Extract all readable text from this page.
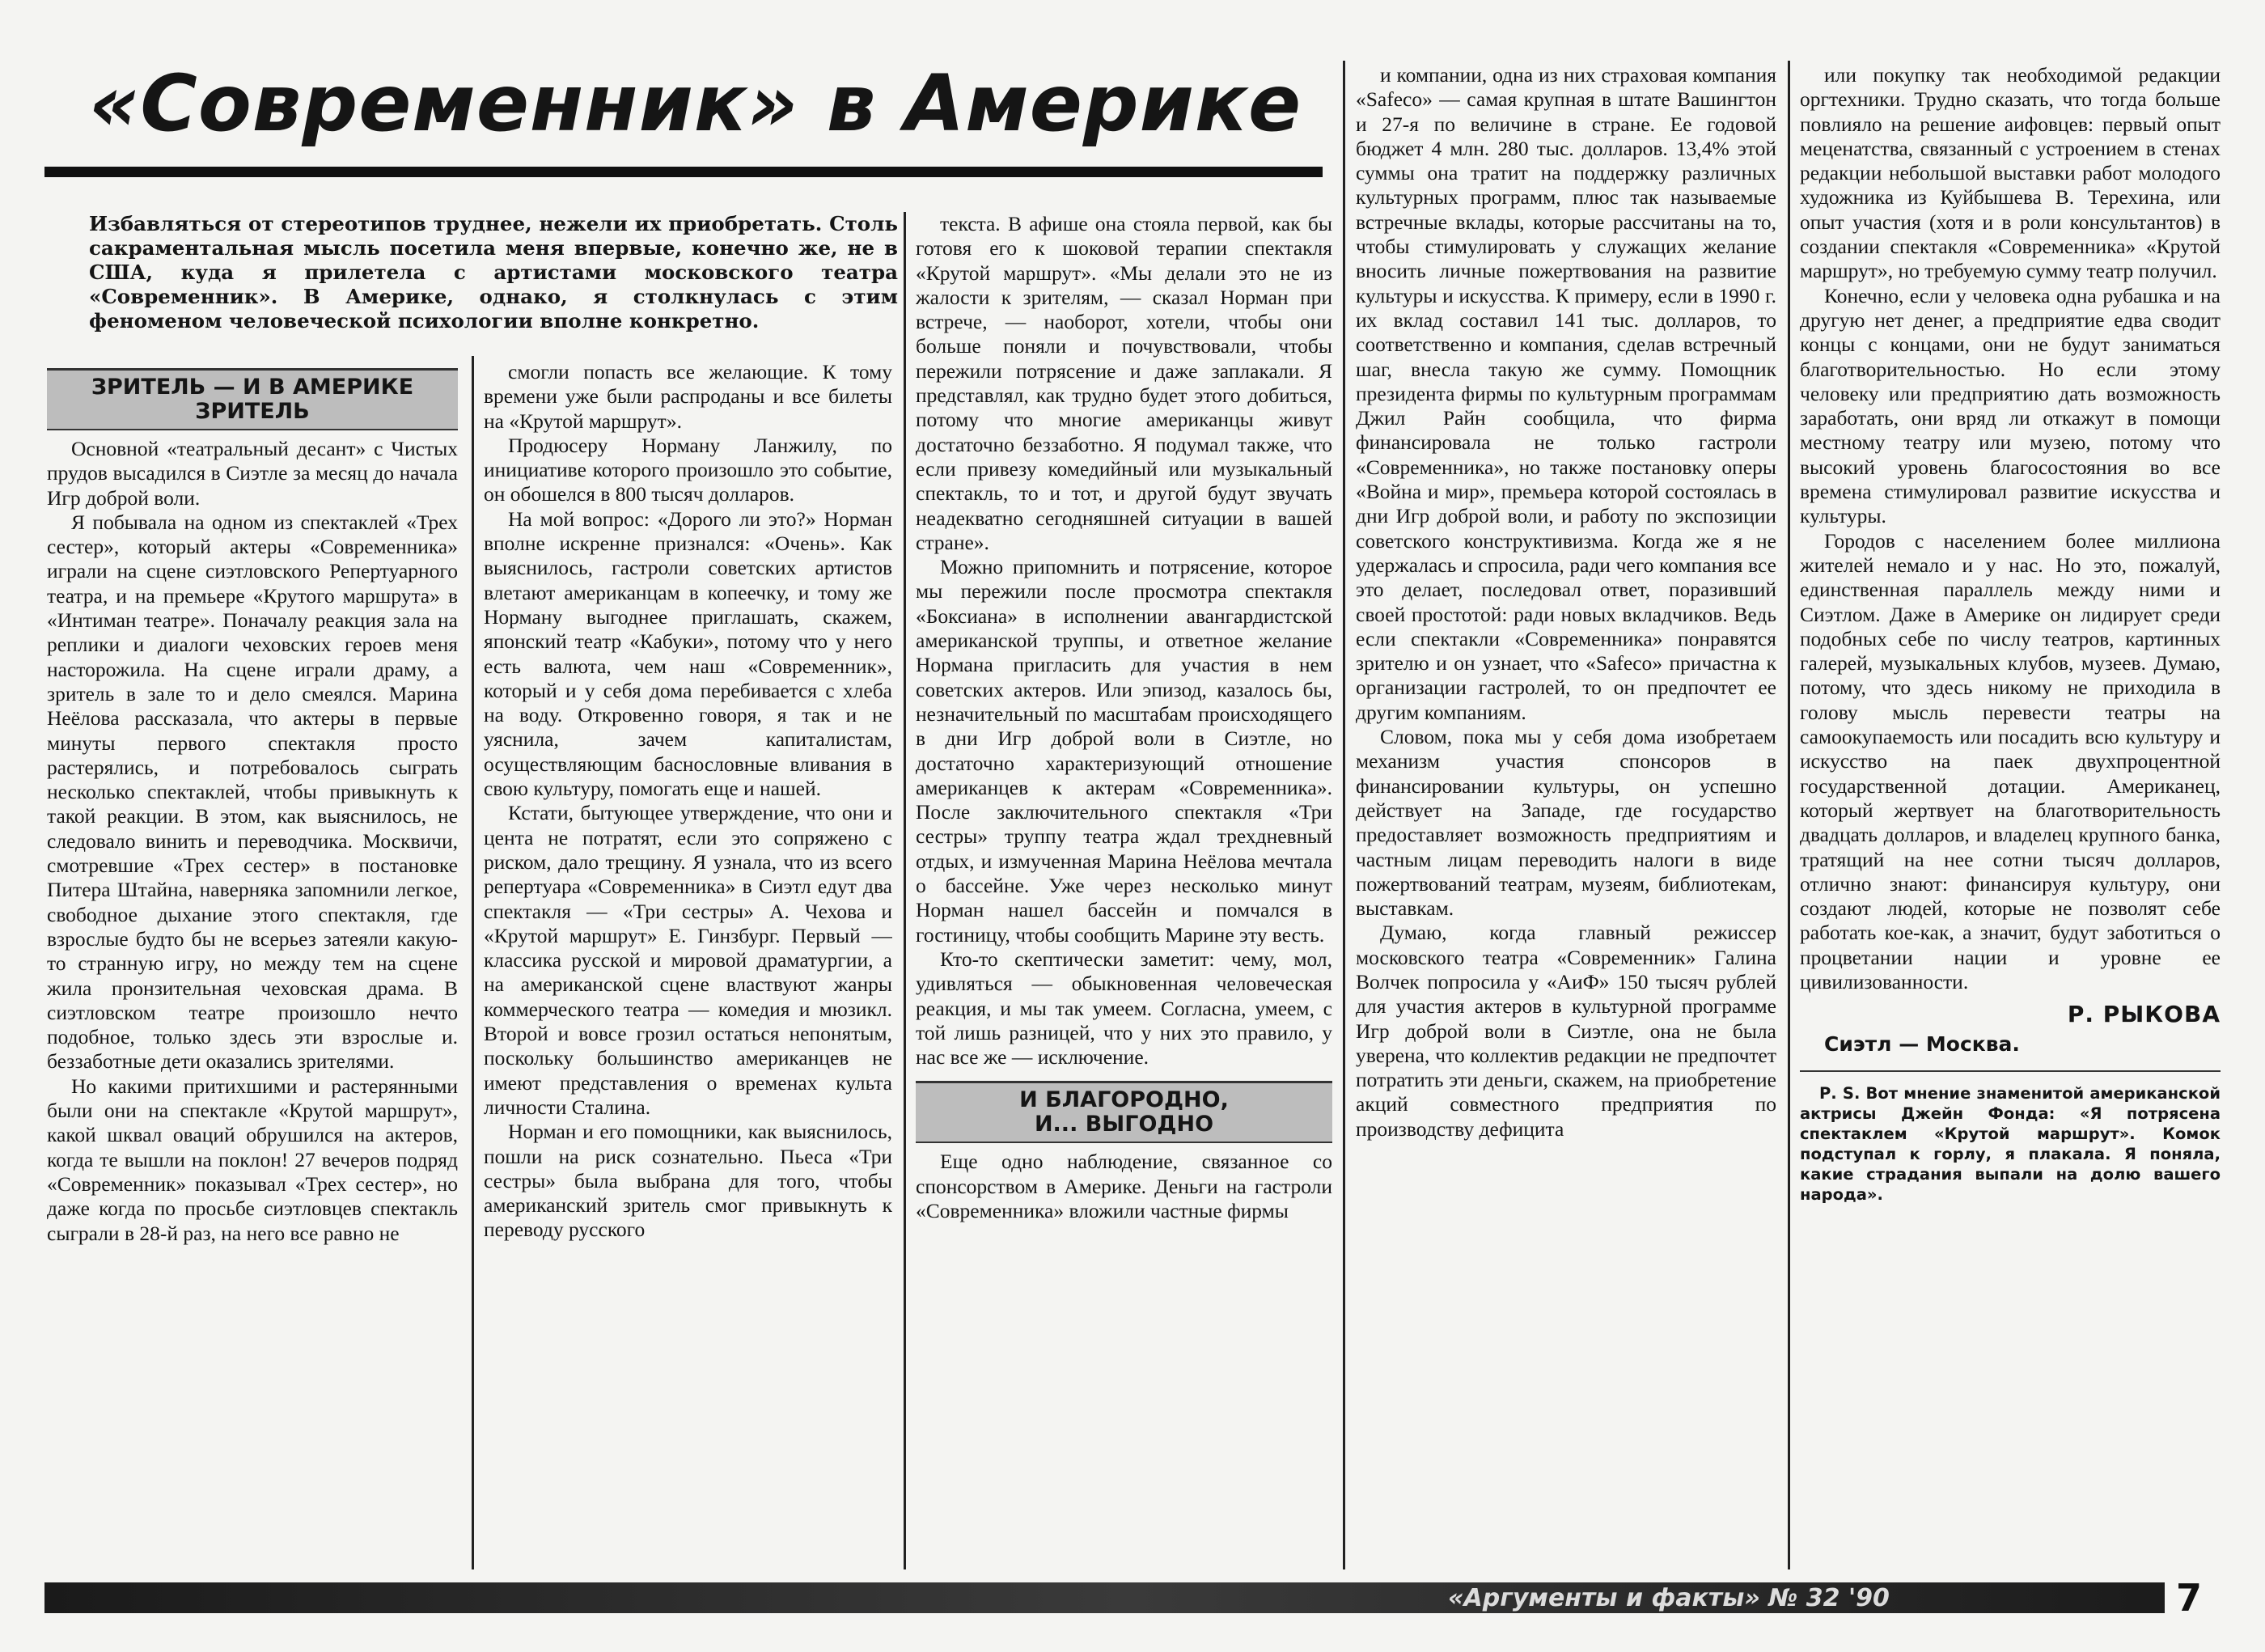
«Современник» в Америке
Избавляться от стереотипов труднее, нежели их приобретать. Столь сакраментальная мысль посетила меня впервые, конечно же, не в США, куда я прилетела с артистами московского театра «Современник». В Америке, однако, я столкнулась с этим феноменом человеческой психологии вполне конкретно.
ЗРИТЕЛЬ — И В АМЕРИКЕ
ЗРИТЕЛЬ

Основной «театральный десант» с Чистых прудов высадился в Сиэтле за месяц до начала Игр доброй воли.

Я побывала на одном из спектаклей «Трех сестер», который актеры «Современника» играли на сцене сиэтловского Репертуарного театра, и на премьере «Крутого маршрута» в «Интиман театре». Поначалу реакция зала на реплики и диалоги чеховских героев меня насторожила. На сцене играли драму, а зритель в зале то и дело смеялся. Марина Неёлова рассказала, что актеры в первые минуты первого спектакля просто растерялись, и потребовалось сыграть несколько спектаклей, чтобы привыкнуть к такой реакции. В этом, как выяснилось, не следовало винить и переводчика. Москвичи, смотревшие «Трех сестер» в постановке Питера Штайна, наверняка запомнили легкое, свободное дыхание этого спектакля, где взрослые будто бы не всерьез затеяли какую-то странную игру, но между тем на сцене жила пронзительная чеховская драма. В сиэтловском театре произошло нечто подобное, только здесь эти взрослые и. беззаботные дети оказались зрителями.

Но какими притихшими и растерянными были они на спектакле «Крутой маршрут», какой шквал оваций обрушился на актеров, когда те вышли на поклон! 27 вечеров подряд «Современник» показывал «Трех сестер», но даже когда по просьбе сиэтловцев спектакль сыграли в 28-й раз, на него все равно не

смогли попасть все желающие. К тому времени уже были распроданы и все билеты на «Крутой маршрут».

Продюсеру Норману Ланжилу, по инициативе которого произошло это событие, он обошелся в 800 тысяч долларов.

На мой вопрос: «Дорого ли это?» Норман вполне искренне признался: «Очень». Как выяснилось, гастроли советских артистов влетают американцам в копеечку, и тому же Норману выгоднее приглашать, скажем, японский театр «Кабуки», потому что у него есть валюта, чем наш «Современник», который и у себя дома перебивается с хлеба на воду. Откровенно говоря, я так и не уяснила, зачем капиталистам, осуществляющим баснословные вливания в свою культуру, помогать еще и нашей.

Кстати, бытующее утверждение, что они и цента не потратят, если это сопряжено с риском, дало трещину. Я узнала, что из всего репертуара «Современника» в Сиэтл едут два спектакля — «Три сестры» А. Чехова и «Крутой маршрут» Е. Гинзбург. Первый — классика русской и мировой драматургии, а на американской сцене властвуют жанры коммерческого театра — комедия и мюзикл. Второй и вовсе грозил остаться непонятым, поскольку большинство американцев не имеют представления о временах культа личности Сталина.

Норман и его помощники, как выяснилось, пошли на риск сознательно. Пьеса «Три сестры» была выбрана для того, чтобы американский зритель смог привыкнуть к переводу русского

текста. В афише она стояла первой, как бы готовя его к шоковой терапии спектакля «Крутой маршрут». «Мы делали это не из жалости к зрителям, — сказал Норман при встрече, — наоборот, хотели, чтобы они больше поняли и почувствовали, чтобы пережили потрясение и даже заплакали. Я представлял, как трудно будет этого добиться, потому что многие американцы живут достаточно беззаботно. Я подумал также, что если привезу комедийный или музыкальный спектакль, то и тот, и другой будут звучать неадекватно сегодняшней ситуации в вашей стране».

Можно припомнить и потрясение, которое мы пережили после просмотра спектакля «Боксиана» в исполнении авангардистской американской труппы, и ответное желание Нормана пригласить для участия в нем советских актеров. Или эпизод, казалось бы, незначительный по масштабам происходящего в дни Игр доброй воли в Сиэтле, но достаточно характеризующий отношение американцев к актерам «Современника». После заключительного спектакля «Три сестры» труппу театра ждал трехдневный отдых, и измученная Марина Неёлова мечтала о бассейне. Уже через несколько минут Норман нашел бассейн и помчался в гостиницу, чтобы сообщить Марине эту весть.

Кто-то скептически заметит: чему, мол, удивляться — обыкновенная человеческая реакция, и мы так умеем. Согласна, умеем, с той лишь разницей, что у них это правило, у нас все же — исключение.

И БЛАГОРОДНО,
И... ВЫГОДНО

Еще одно наблюдение, связанное со спонсорством в Америке. Деньги на гастроли «Современника» вложили частные фирмы

и компании, одна из них страховая компания «Safeco» — самая крупная в штате Вашингтон и 27-я по величине в стране. Ее годовой бюджет 4 млн. 280 тыс. долларов. 13,4% этой суммы она тратит на поддержку различных культурных программ, плюс так называемые встречные вклады, которые рассчитаны на то, чтобы стимулировать у служащих желание вносить личные пожертвования на развитие культуры и искусства. К примеру, если в 1990 г. их вклад составил 141 тыс. долларов, то соответственно и компания, сделав встречный шаг, внесла такую же сумму. Помощник президента фирмы по культурным программам Джил Райн сообщила, что фирма финансировала не только гастроли «Современника», но также постановку оперы «Война и мир», премьера которой состоялась в дни Игр доброй воли, и работу по экспозиции советского конструктивизма. Когда же я не удержалась и спросила, ради чего компания все это делает, последовал ответ, поразивший своей простотой: ради новых вкладчиков. Ведь если спектакли «Современника» понравятся зрителю и он узнает, что «Safeco» причастна к организации гастролей, то он предпочтет ее другим компаниям.

Словом, пока мы у себя дома изобретаем механизм участия спонсоров в финансировании культуры, он успешно действует на Западе, где государство предоставляет возможность предприятиям и частным лицам переводить налоги в виде пожертвований театрам, музеям, библиотекам, выставкам.

Думаю, когда главный режиссер московского театра «Современник» Галина Волчек попросила у «АиФ» 150 тысяч рублей для участия актеров в культурной программе Игр доброй воли в Сиэтле, она не была уверена, что коллектив редакции не предпочтет потратить эти деньги, скажем, на приобретение акций совместного предприятия по производству дефицита

или покупку так необходимой редакции оргтехники. Трудно сказать, что тогда больше повлияло на решение аифовцев: первый опыт меценатства, связанный с устроением в стенах редакции небольшой выставки работ молодого художника из Куйбышева В. Терехина, или опыт участия (хотя и в роли консультантов) в создании спектакля «Современника» «Крутой маршрут», но требуемую сумму театр получил.

Конечно, если у человека одна рубашка и на другую нет денег, а предприятие едва сводит концы с концами, они не будут заниматься благотворительностью. Но если этому человеку или предприятию дать возможность заработать, они вряд ли откажут в помощи местному театру или музею, потому что высокий уровень благосостояния во все времена стимулировал развитие искусства и культуры.

Городов с населением более миллиона жителей немало и у нас. Но это, пожалуй, единственная параллель между ними и Сиэтлом. Даже в Америке он лидирует среди подобных себе по числу театров, картинных галерей, музыкальных клубов, музеев. Думаю, потому, что здесь никому не приходила в голову мысль перевести театры на самоокупаемость или посадить всю культуру и искусство на паек двухпроцентной государственной дотации. Американец, который жертвует на благотворительность двадцать долларов, и владелец крупного банка, тратящий на нее сотни тысяч долларов, отлично знают: финансируя культуру, они создают людей, которые не позволят себе работать кое-как, а значит, будут заботиться о процветании нации и уровне ее цивилизованности.

Р. РЫКОВА
Сиэтл — Москва.

Р. S. Вот мнение знаменитой американской актрисы Джейн Фонда: «Я потрясена спектаклем «Крутой маршрут». Комок подступал к горлу, я плакала. Я поняла, какие страдания выпали на долю вашего народа».

«Аргументы и факты» № 32 '90	7
